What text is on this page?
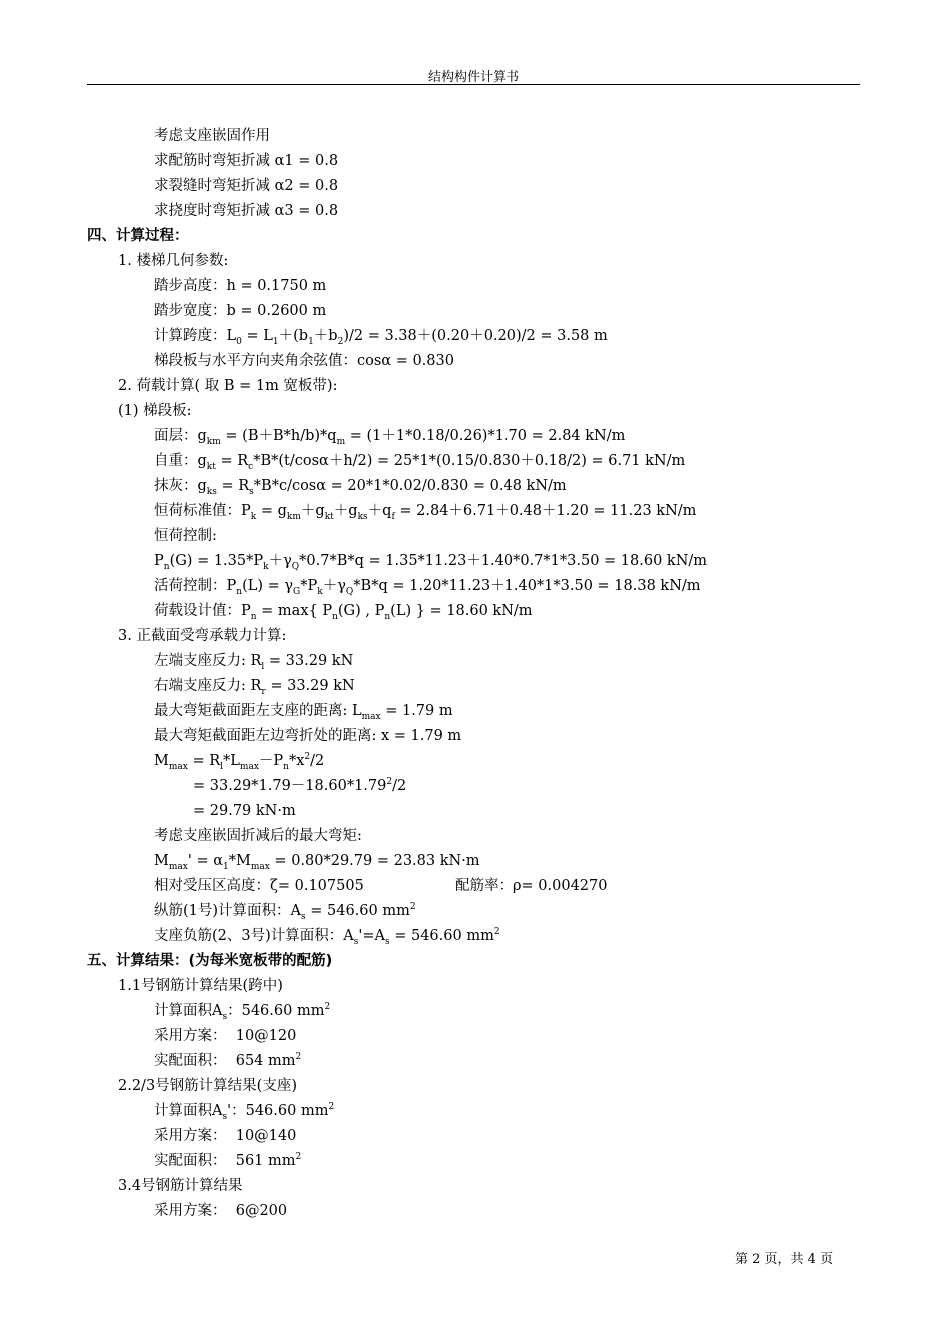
结构构件计算书
考虑支座嵌固作用
求配筋时弯矩折减 α1 = 0.8
求裂缝时弯矩折减 α2 = 0.8
求挠度时弯矩折减 α3 = 0.8
四、计算过程：
1. 楼梯几何参数:
踏步高度：h = 0.1750 m
踏步宽度：b = 0.2600 m
计算跨度：$L_0 = L_1+(b_1+b_2)/2 = 3.38+(0.20+0.20)/2 = 3.58$ m
梯段板与水平方向夹角余弦值：cosα = 0.830
2. 荷载计算( 取 B = 1m 宽板带):
(1) 梯段板:
面层：$g_{km} = (B+B*h/b)*q_m = (1+1*0.18/0.26)*1.70 = 2.84$ kN/m
自重：$g_{kt} = R_c*B*(t/\cos\alpha+h/2) = 25*1*(0.15/0.830+0.18/2) = 6.71$ kN/m
抹灰：$g_{ks} = R_s*B*c/\cos\alpha = 20*1*0.02/0.830 = 0.48$ kN/m
恒荷标准值：$P_k = g_{km}+g_{kt}+g_{ks}+q_f = 2.84+6.71+0.48+1.20 = 11.23$ kN/m
恒荷控制:
$P_n(G) = 1.35*P_k+\gamma_Q*0.7*B*q = 1.35*11.23+1.40*0.7*1*3.50 = 18.60$ kN/m
活荷控制：$P_n(L) = \gamma_G*P_k+\gamma_Q*B*q = 1.20*11.23+1.40*1*3.50 = 18.38$ kN/m
荷载设计值：$P_n = \max${ $P_n(G)$ , $P_n(L)$ } = 18.60 kN/m
3. 正截面受弯承载力计算:
左端支座反力: $R_l = 33.29$ kN
右端支座反力: $R_r = 33.29$ kN
最大弯矩截面距左支座的距离: $L_{max} = 1.79$ m
最大弯矩截面距左边弯折处的距离: x = 1.79 m
$M_{max} = R_l*L_{max}-P_n*x^2/2$
= $33.29*1.79-18.60*1.79^2/2$
= 29.79 kN·m
考虑支座嵌固折减后的最大弯矩:
$M_{max}' = \alpha_1*M_{max} = 0.80*29.79 = 23.83$ kN·m
相对受压区高度：ζ= 0.107505	配筋率：ρ= 0.004270
纵筋(1号)计算面积：$A_s = 546.60$ $mm^2$
支座负筋(2、3号)计算面积：$A_s'=A_s = 546.60$ $mm^2$
五、计算结果：(为每米宽板带的配筋)
1.1号钢筋计算结果(跨中)
计算面积$A_s$：546.60 $mm^2$
采用方案：  10@120
实配面积：  654 $mm^2$
2.2/3号钢筋计算结果(支座)
计算面积$A_s'$：546.60 $mm^2$
采用方案：  10@140
实配面积：  561 $mm^2$
3.4号钢筋计算结果
采用方案：  6@200
第 2 页，共 4 页
